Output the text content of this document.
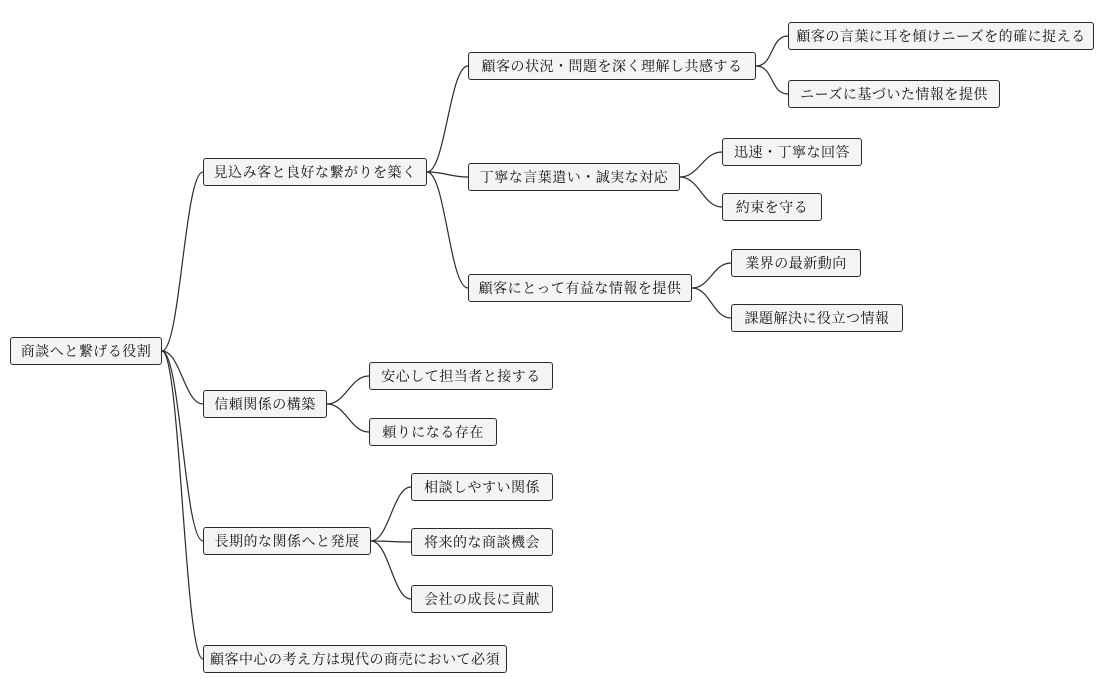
商談へと繋げる役割
見込み客と良好な繋がりを築く
信頼関係の構築
長期的な関係へと発展
顧客中心の考え方は現代の商売において必須
顧客の状況・問題を深く理解し共感する
丁寧な言葉遣い・誠実な対応
顧客にとって有益な情報を提供
安心して担当者と接する
頼りになる存在
相談しやすい関係
将来的な商談機会
会社の成長に貢献
顧客の言葉に耳を傾けニーズを的確に捉える
ニーズに基づいた情報を提供
迅速・丁寧な回答
約束を守る
業界の最新動向
課題解決に役立つ情報
